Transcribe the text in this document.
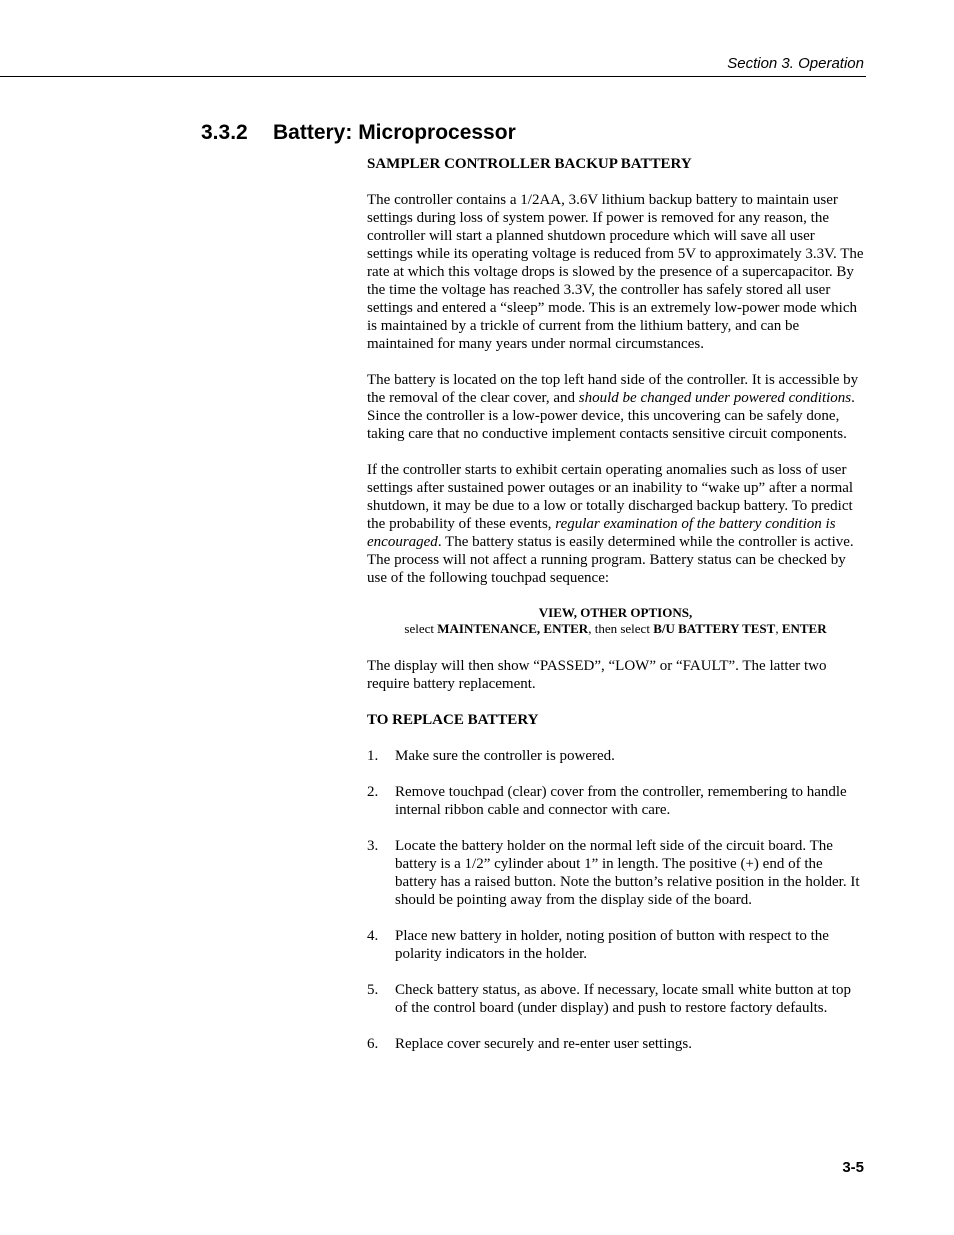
Section 3. Operation
3.3.2 Battery: Microprocessor

SAMPLER CONTROLLER BACKUP BATTERY

The controller contains a 1/2AA, 3.6V lithium backup battery to maintain user settings during loss of system power. If power is removed for any reason, the controller will start a planned shutdown procedure which will save all user settings while its operating voltage is reduced from 5V to approximately 3.3V. The rate at which this voltage drops is slowed by the presence of a supercapacitor. By the time the voltage has reached 3.3V, the controller has safely stored all user settings and entered a “sleep” mode. This is an extremely low-power mode which is maintained by a trickle of current from the lithium battery, and can be maintained for many years under normal circumstances.

The battery is located on the top left hand side of the controller. It is accessible by the removal of the clear cover, and should be changed under powered conditions. Since the controller is a low-power device, this uncovering can be safely done, taking care that no conductive implement contacts sensitive circuit components.

If the controller starts to exhibit certain operating anomalies such as loss of user settings after sustained power outages or an inability to “wake up” after a normal shutdown, it may be due to a low or totally discharged backup battery. To predict the probability of these events, regular examination of the battery condition is encouraged. The battery status is easily determined while the controller is active. The process will not affect a running program. Battery status can be checked by use of the following touchpad sequence:

VIEW, OTHER OPTIONS,
select MAINTENANCE, ENTER, then select B/U BATTERY TEST, ENTER

The display will then show “PASSED”, “LOW” or “FAULT”. The latter two require battery replacement.

TO REPLACE BATTERY

1. Make sure the controller is powered.
2. Remove touchpad (clear) cover from the controller, remembering to handle internal ribbon cable and connector with care.
3. Locate the battery holder on the normal left side of the circuit board. The battery is a 1/2” cylinder about 1” in length. The positive (+) end of the battery has a raised button. Note the button’s relative position in the holder. It should be pointing away from the display side of the board.
4. Place new battery in holder, noting position of button with respect to the polarity indicators in the holder.
5. Check battery status, as above. If necessary, locate small white button at top of the control board (under display) and push to restore factory defaults.
6. Replace cover securely and re-enter user settings.
3-5
